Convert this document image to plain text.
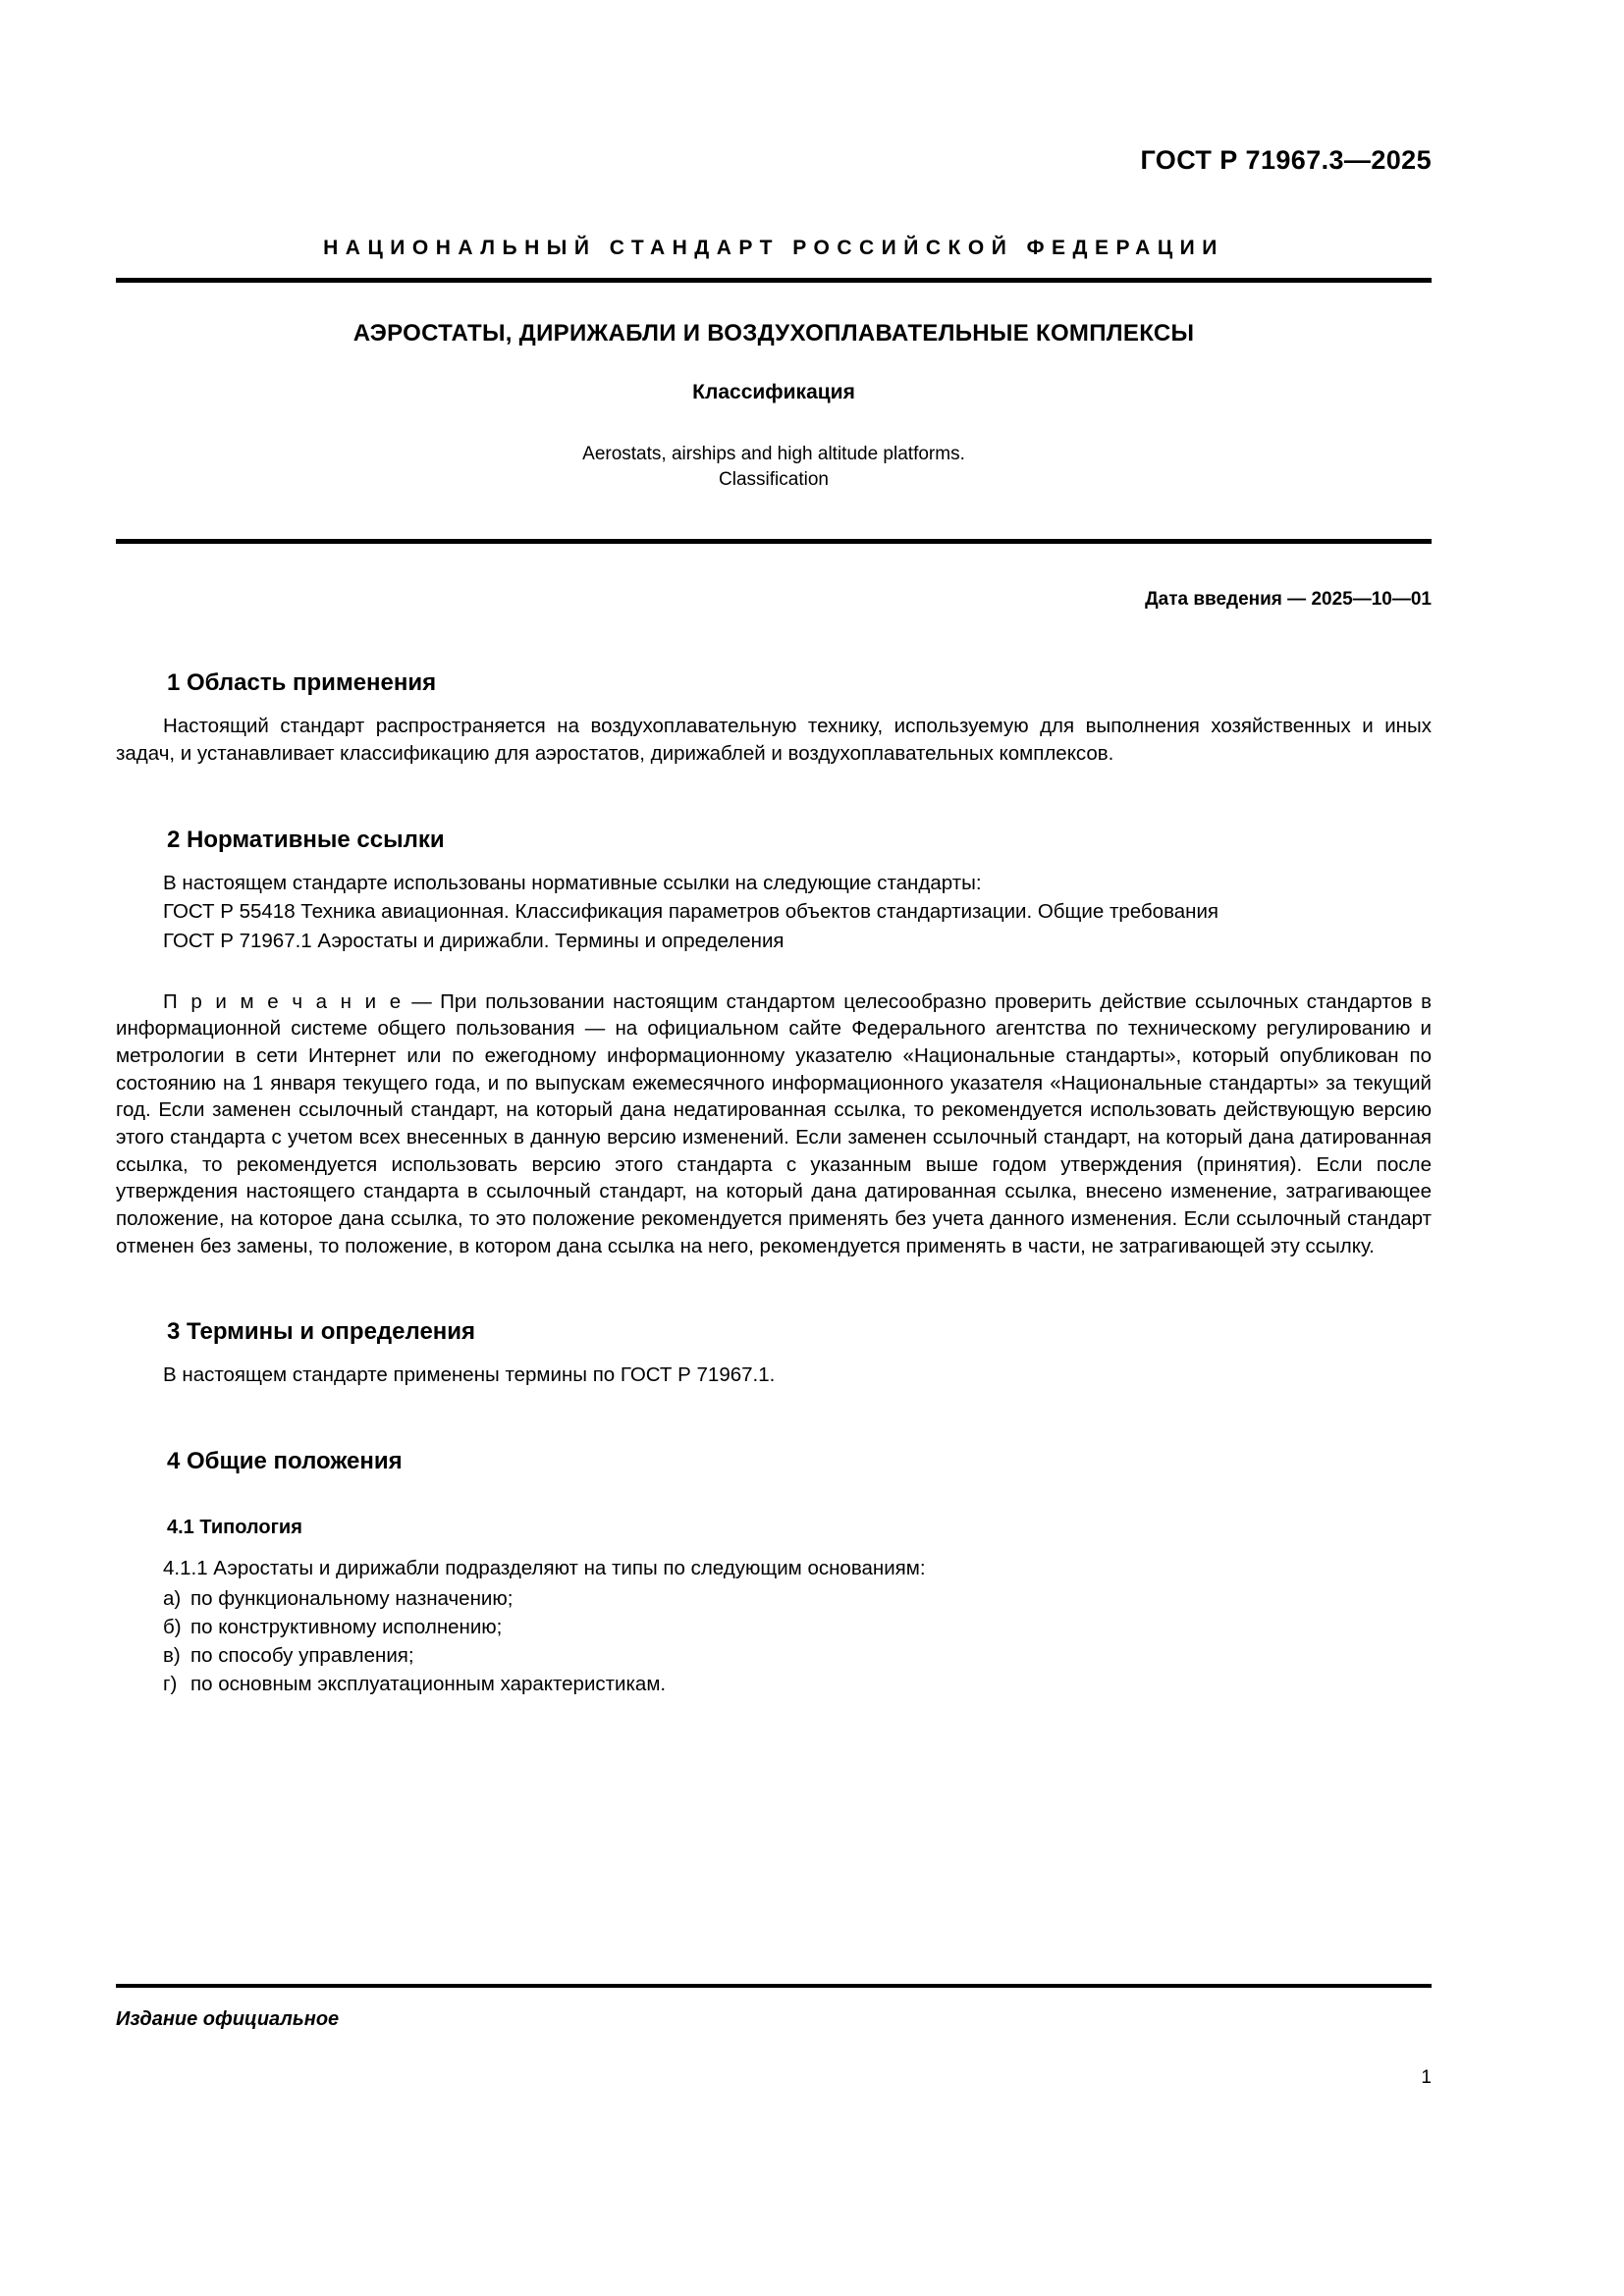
ГОСТ Р 71967.3—2025
НАЦИОНАЛЬНЫЙ СТАНДАРТ РОССИЙСКОЙ ФЕДЕРАЦИИ
АЭРОСТАТЫ, ДИРИЖАБЛИ И ВОЗДУХОПЛАВАТЕЛЬНЫЕ КОМПЛЕКСЫ
Классификация
Aerostats, airships and high altitude platforms.
Classification
Дата введения — 2025—10—01
1 Область применения

Настоящий стандарт распространяется на воздухоплавательную технику, используемую для выполнения хозяйственных и иных задач, и устанавливает классификацию для аэростатов, дирижаблей и воздухоплавательных комплексов.

2 Нормативные ссылки

В настоящем стандарте использованы нормативные ссылки на следующие стандарты:

ГОСТ Р 55418 Техника авиационная. Классификация параметров объектов стандартизации. Общие требования

ГОСТ Р 71967.1 Аэростаты и дирижабли. Термины и определения

П р и м е ч а н и е — При пользовании настоящим стандартом целесообразно проверить действие ссылочных стандартов в информационной системе общего пользования — на официальном сайте Федерального агентства по техническому регулированию и метрологии в сети Интернет или по ежегодному информационному указателю «Национальные стандарты», который опубликован по состоянию на 1 января текущего года, и по выпускам ежемесячного информационного указателя «Национальные стандарты» за текущий год. Если заменен ссылочный стандарт, на который дана недатированная ссылка, то рекомендуется использовать действующую версию этого стандарта с учетом всех внесенных в данную версию изменений. Если заменен ссылочный стандарт, на который дана датированная ссылка, то рекомендуется использовать версию этого стандарта с указанным выше годом утверждения (принятия). Если после утверждения настоящего стандарта в ссылочный стандарт, на который дана датированная ссылка, внесено изменение, затрагивающее положение, на которое дана ссылка, то это положение рекомендуется применять без учета данного изменения. Если ссылочный стандарт отменен без замены, то положение, в котором дана ссылка на него, рекомендуется применять в части, не затрагивающей эту ссылку.

3 Термины и определения

В настоящем стандарте применены термины по ГОСТ Р 71967.1.

4 Общие положения
4.1 Типология

4.1.1 Аэростаты и дирижабли подразделяют на типы по следующим основаниям:

а) по функциональному назначению;
б) по конструктивному исполнению;
в) по способу управления;
г) по основным эксплуатационным характеристикам.
Издание официальное
1
